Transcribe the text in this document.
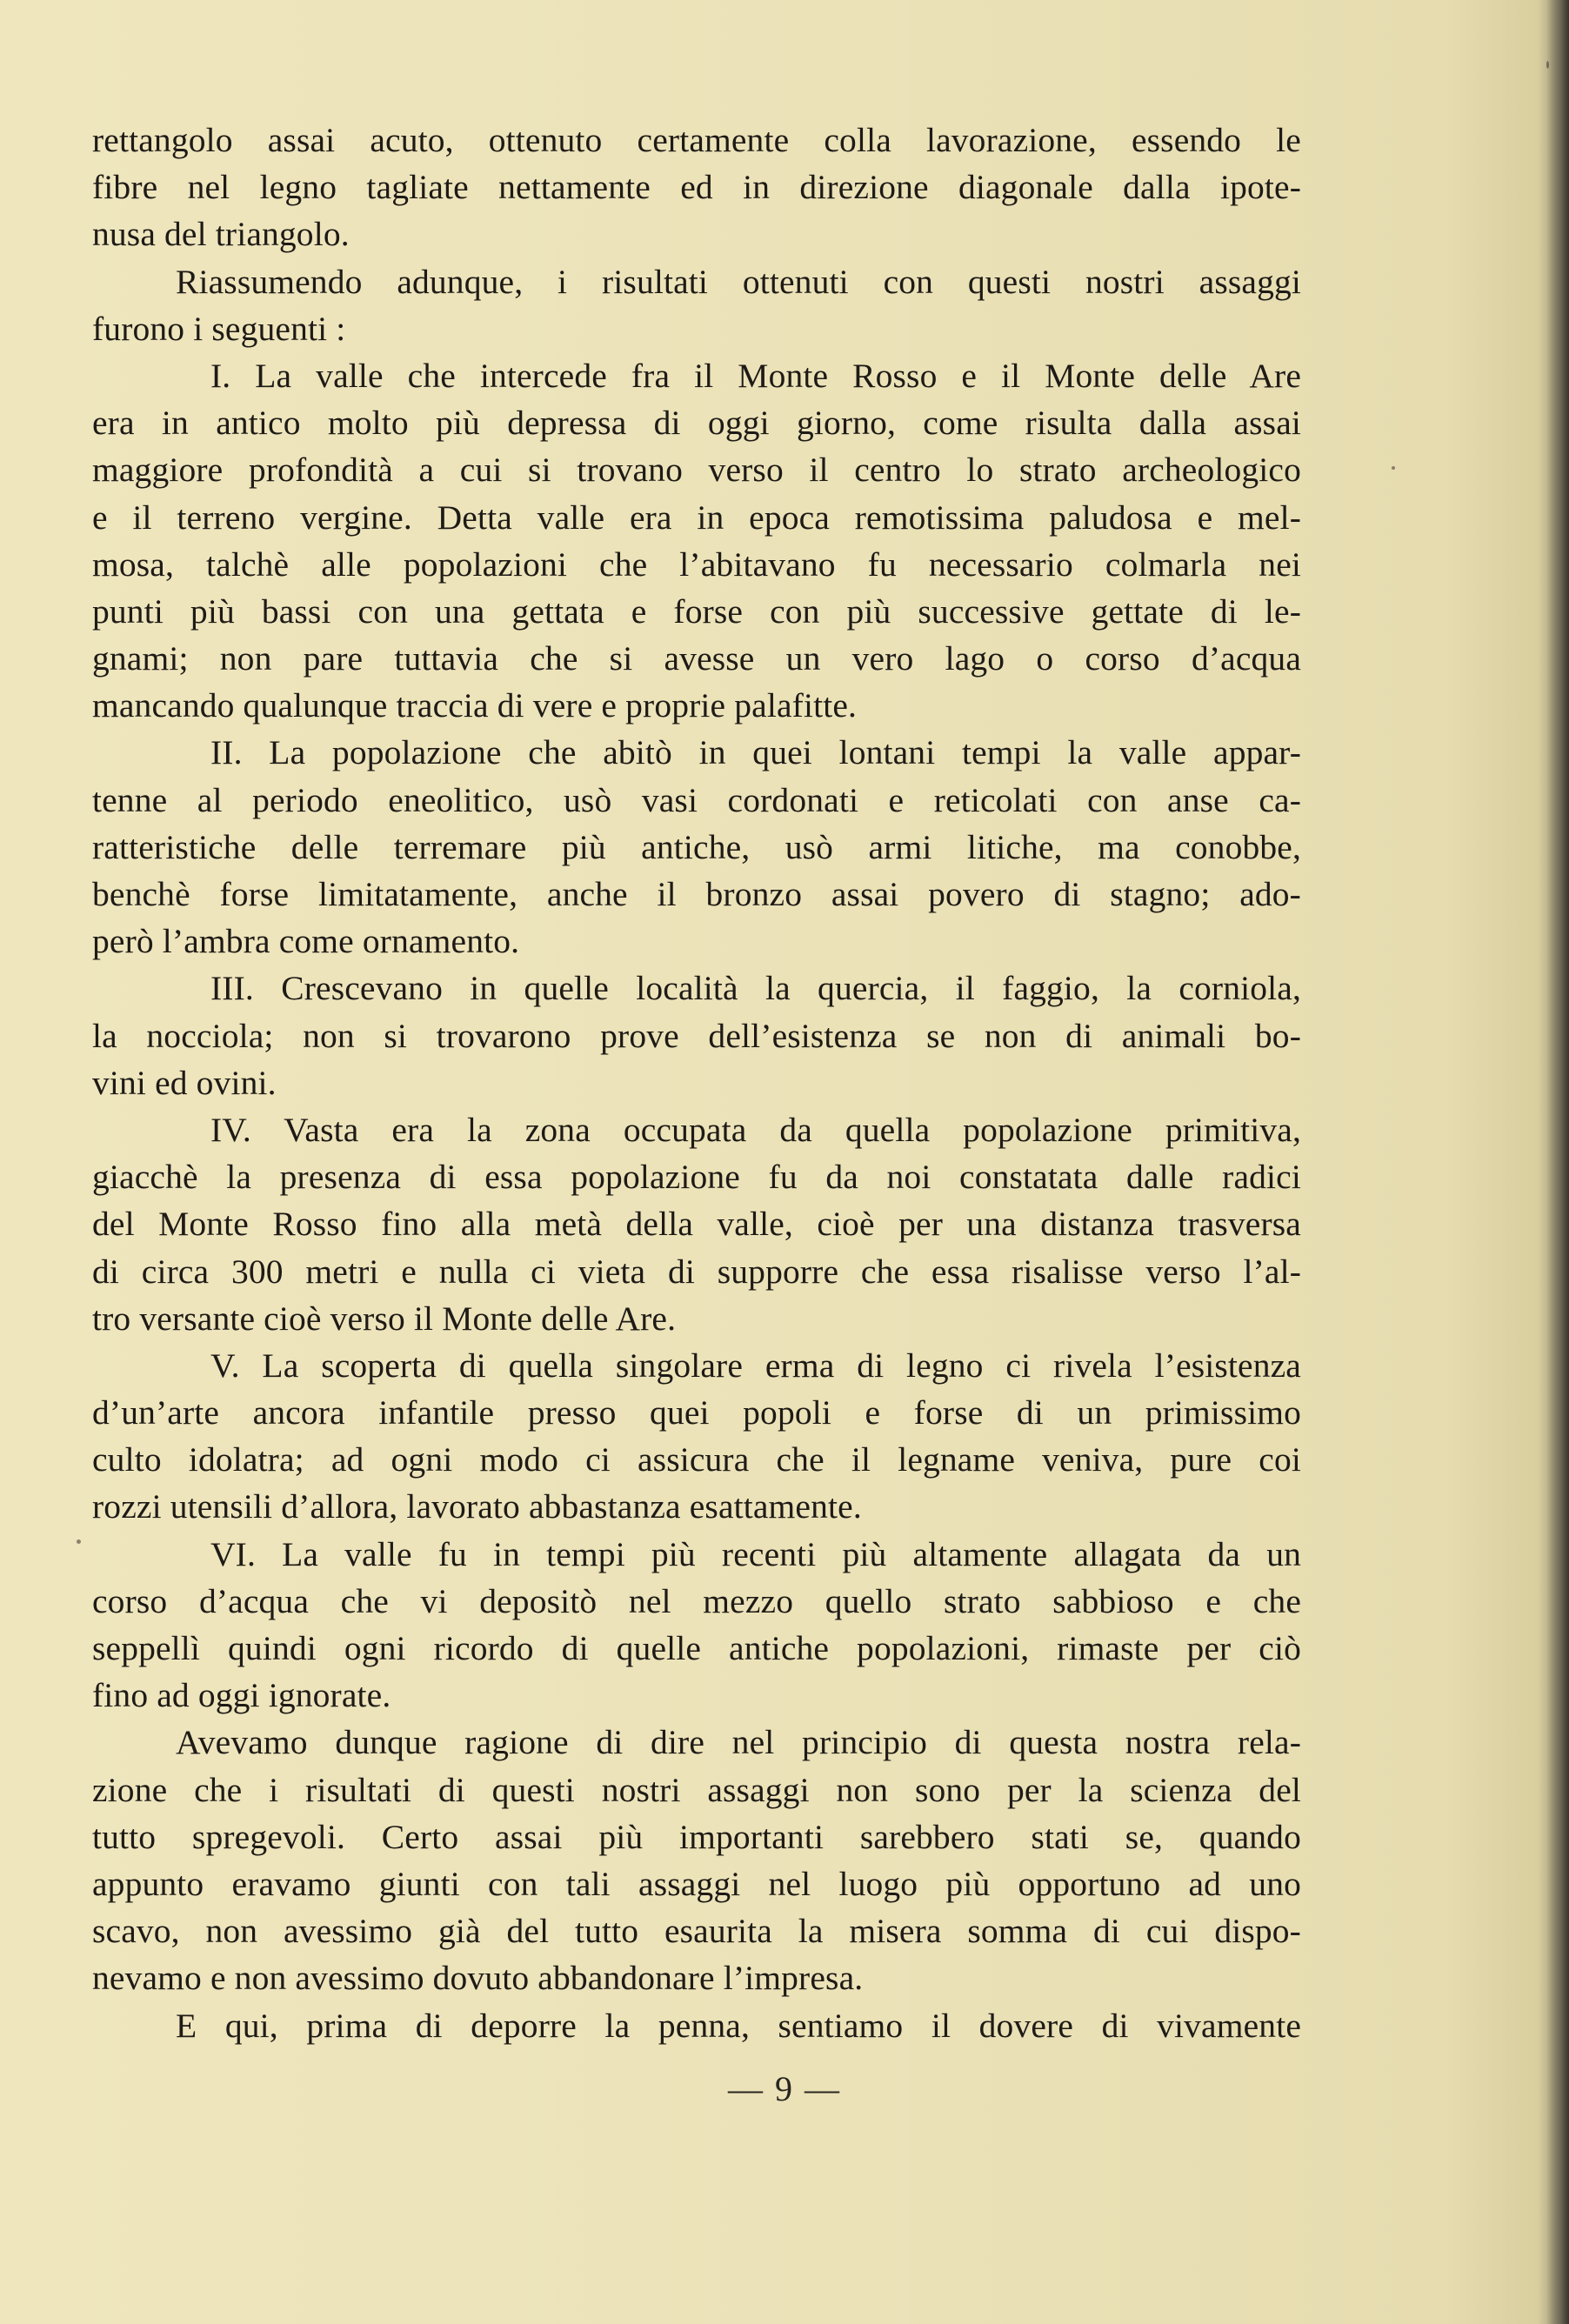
rettangolo assai acuto, ottenuto certamente colla lavorazione, essendo le
fibre nel legno tagliate nettamente ed in direzione diagonale dalla ipote-
nusa del triangolo.
Riassumendo adunque, i risultati ottenuti con questi nostri assaggi
furono i seguenti :
I. La valle che intercede fra il Monte Rosso e il Monte delle Are
era in antico molto più depressa di oggi giorno, come risulta dalla assai
maggiore profondità a cui si trovano verso il centro lo strato archeologico
e il terreno vergine. Detta valle era in epoca remotissima paludosa e mel-
mosa, talchè alle popolazioni che l’abitavano fu necessario colmarla nei
punti più bassi con una gettata e forse con più successive gettate di le-
gnami; non pare tuttavia che si avesse un vero lago o corso d’acqua
mancando qualunque traccia di vere e proprie palafitte.
II. La popolazione che abitò in quei lontani tempi la valle appar-
tenne al periodo eneolitico, usò vasi cordonati e reticolati con anse ca-
ratteristiche delle terremare più antiche, usò armi litiche, ma conobbe,
benchè forse limitatamente, anche il bronzo assai povero di stagno; ado-
però l’ambra come ornamento.
III. Crescevano in quelle località la quercia, il faggio, la corniola,
la nocciola; non si trovarono prove dell’esistenza se non di animali bo-
vini ed ovini.
IV. Vasta era la zona occupata da quella popolazione primitiva,
giacchè la presenza di essa popolazione fu da noi constatata dalle radici
del Monte Rosso fino alla metà della valle, cioè per una distanza trasversa
di circa 300 metri e nulla ci vieta di supporre che essa risalisse verso l’al-
tro versante cioè verso il Monte delle Are.
V. La scoperta di quella singolare erma di legno ci rivela l’esistenza
d’un’arte ancora infantile presso quei popoli e forse di un primissimo
culto idolatra; ad ogni modo ci assicura che il legname veniva, pure coi
rozzi utensili d’allora, lavorato abbastanza esattamente.
VI. La valle fu in tempi più recenti più altamente allagata da un
corso d’acqua che vi depositò nel mezzo quello strato sabbioso e che
seppellì quindi ogni ricordo di quelle antiche popolazioni, rimaste per ciò
fino ad oggi ignorate.
Avevamo dunque ragione di dire nel principio di questa nostra rela-
zione che i risultati di questi nostri assaggi non sono per la scienza del
tutto spregevoli. Certo assai più importanti sarebbero stati se, quando
appunto eravamo giunti con tali assaggi nel luogo più opportuno ad uno
scavo, non avessimo già del tutto esaurita la misera somma di cui dispo-
nevamo e non avessimo dovuto abbandonare l’impresa.
E qui, prima di deporre la penna, sentiamo il dovere di vivamente
— 9 —
